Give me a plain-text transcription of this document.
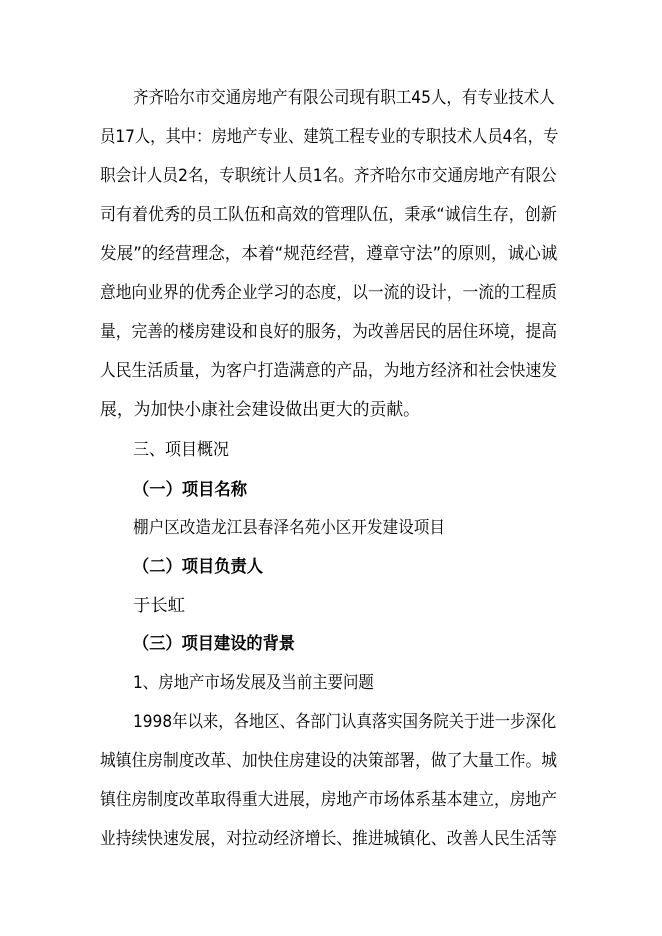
齐齐哈尔市交通房地产有限公司现有职工45人，有专业技术人
员17人，其中：房地产专业、建筑工程专业的专职技术人员4名，专
职会计人员2名，专职统计人员1名。齐齐哈尔市交通房地产有限公
司有着优秀的员工队伍和高效的管理队伍，秉承“诚信生存，创新
发展”的经营理念，本着“规范经营，遵章守法”的原则，诚心诚
意地向业界的优秀企业学习的态度，以一流的设计，一流的工程质
量，完善的楼房建设和良好的服务，为改善居民的居住环境，提高
人民生活质量，为客户打造满意的产品，为地方经济和社会快速发
展，为加快小康社会建设做出更大的贡献。
三、项目概况
（一）项目名称
棚户区改造龙江县春泽名苑小区开发建设项目
（二）项目负责人
于长虹
（三）项目建设的背景
1、房地产市场发展及当前主要问题
1998年以来，各地区、各部门认真落实国务院关于进一步深化
城镇住房制度改革、加快住房建设的决策部署，做了大量工作。城
镇住房制度改革取得重大进展，房地产市场体系基本建立，房地产
业持续快速发展，对拉动经济增长、推进城镇化、改善人民生活等
